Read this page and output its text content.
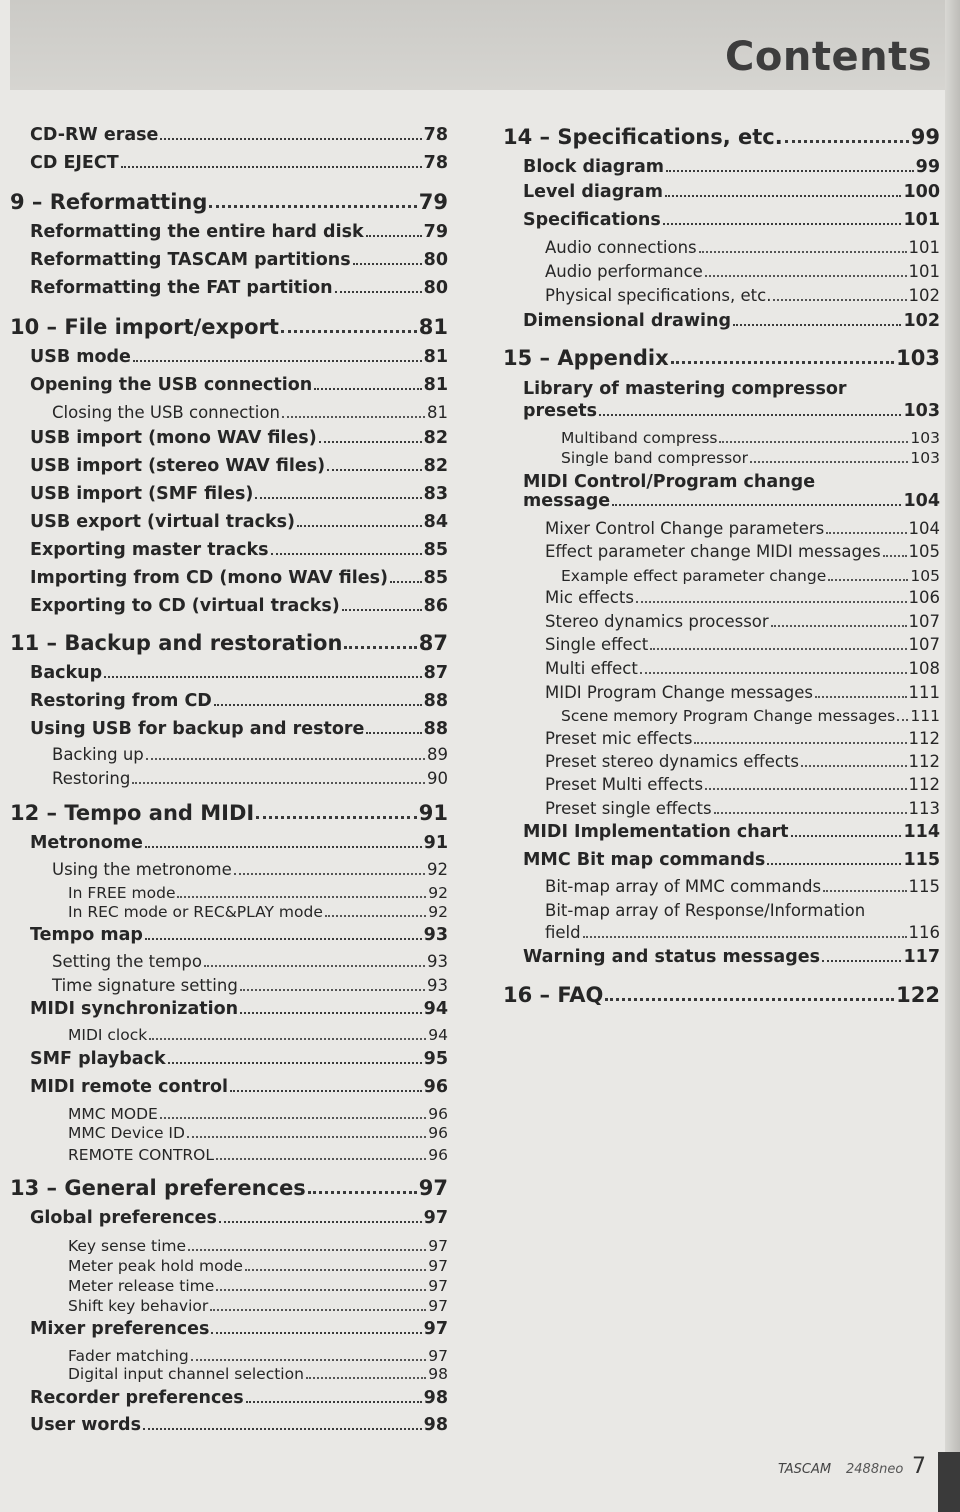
Contents
CD-RW erase	78
CD EJECT	78
9 – Reformatting	79
Reformatting the entire hard disk	79
Reformatting TASCAM partitions	80
Reformatting the FAT partition	80
10 – File import/export	81
USB mode	81
Opening the USB connection	81
Closing the USB connection	81
USB import (mono WAV files)	82
USB import (stereo WAV files)	82
USB import (SMF files)	83
USB export (virtual tracks)	84
Exporting master tracks	85
Importing from CD (mono WAV files) 85
Exporting to CD (virtual tracks)	86
11 – Backup and restoration	87
Backup	87
Restoring from CD	88
Using USB for backup and restore	88
Backing up	89
Restoring	90
12 – Tempo and MIDI	91
Metronome	91
Using the metronome	92
In FREE mode	92
In REC mode or REC&PLAY mode	92
Tempo map	93
Setting the tempo	93
Time signature setting	93
MIDI synchronization	94
MIDI clock	94
SMF playback	95
MIDI remote control	96
MMC MODE	96
MMC Device ID	96
REMOTE CONTROL	96
13 – General preferences	97
Global preferences	97
Key sense time	97
Meter peak hold mode	97
Meter release time	97
Shift key behavior	97
Mixer preferences	97
Fader matching	97
Digital input channel selection	98
Recorder preferences	98
User words	98
14 – Specifications, etc.	99
Block diagram	99
Level diagram	100
Specifications	101
Audio connections	101
Audio performance	101
Physical specifications, etc.	102
Dimensional drawing	102
15 – Appendix	103
Library of mastering compressor
presets	103
Multiband compress	103
Single band compressor	103
MIDI Control/Program change
message	104
Mixer Control Change parameters	104
Effect parameter change MIDI messages 105
Example effect parameter change	105
Mic effects	106
Stereo dynamics processor	107
Single effect	107
Multi effect	108
MIDI Program Change messages	111
Scene memory Program Change messages 111
Preset mic effects	112
Preset stereo dynamics effects	112
Preset Multi effects	112
Preset single effects	113
MIDI Implementation chart	114
MMC Bit map commands	115
Bit-map array of MMC commands	115
Bit-map array of Response/Information
field	116
Warning and status messages	117
16 – FAQ	122
TASCAM 2488neo 7
